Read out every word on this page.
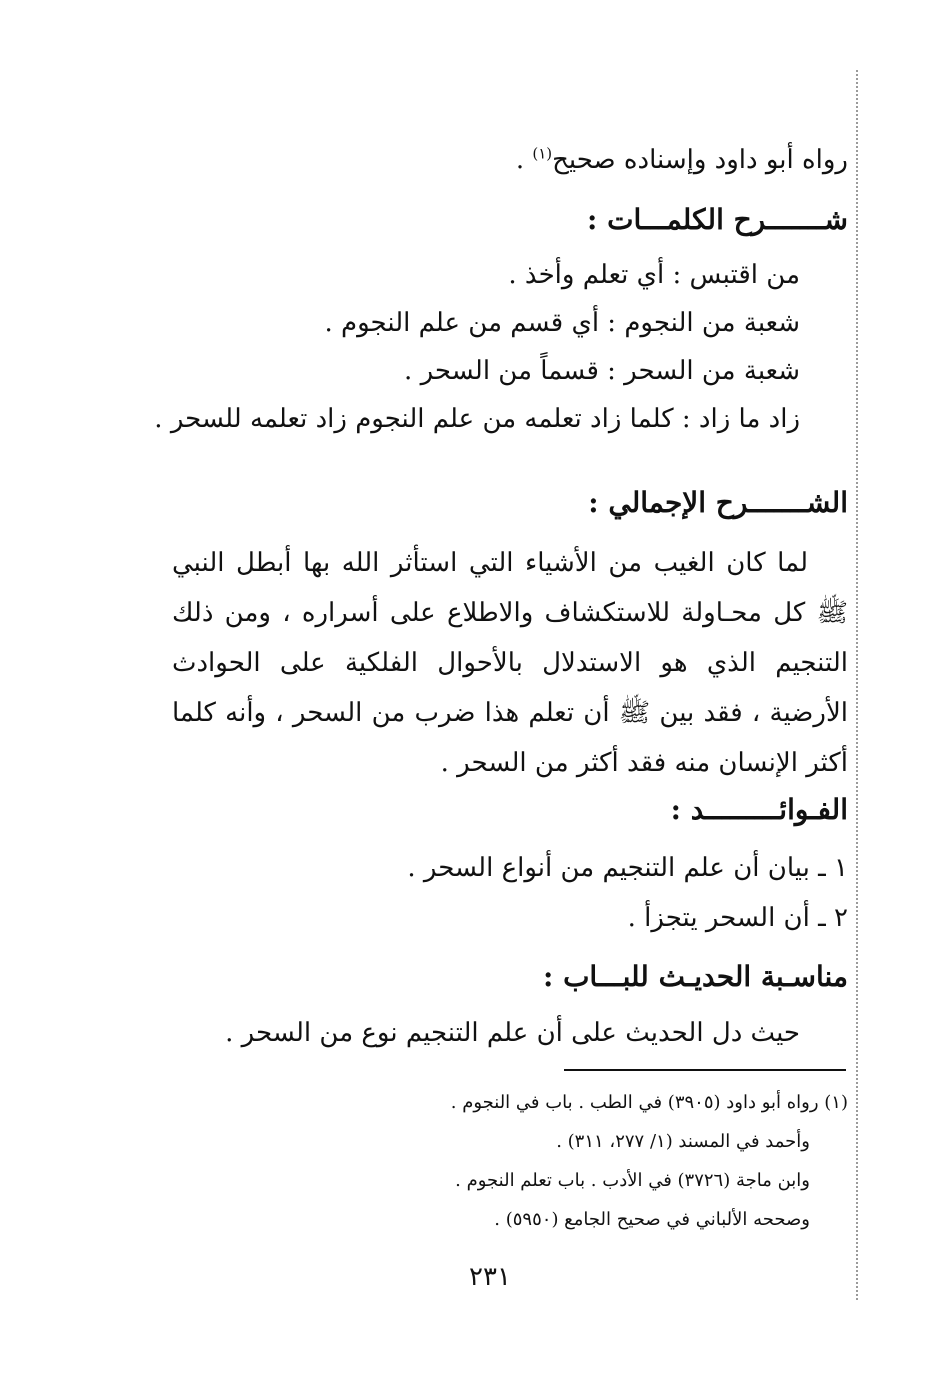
رواه أبو داود وإسناده صحيح$^{(١)}$ .
شـــــــرح الكلمـــات :
من اقتبس : أي تعلم وأخذ .
شعبة من النجوم : أي قسم من علم النجوم .
شعبة من السحر : قسماً من السحر .
زاد ما زاد : كلما زاد تعلمه من علم النجوم زاد تعلمه للسحر .
الشـــــــرح الإجمالي :
لما كان الغيب من الأشياء التي استأثر الله بها أبطل النبي ﷺ كل محـاولة للاستكشاف والاطلاع على أسراره ، ومن ذلك التنجيم الذي هو الاستدلال بالأحوال الفلكية على الحوادث الأرضية ، فقد بين ﷺ أن تعلم هذا ضرب من السحر ، وأنه كلما أكثر الإنسان منه فقد أكثر من السحر .
الفـوائـــــــــد :
١ ـ بيان أن علم التنجيم من أنواع السحر .
٢ ـ أن السحر يتجزأ .
مناسـبة الحديـث للبـــاب :
حيث دل الحديث على أن علم التنجيم نوع من السحر .
(١) رواه أبو داود (٣٩٠٥) في الطب . باب في النجوم .
وأحمد في المسند (١/ ٢٧٧، ٣١١) .
وابن ماجة (٣٧٢٦) في الأدب . باب تعلم النجوم .
وصححه الألباني في صحيح الجامع (٥٩٥٠) .
٢٣١
